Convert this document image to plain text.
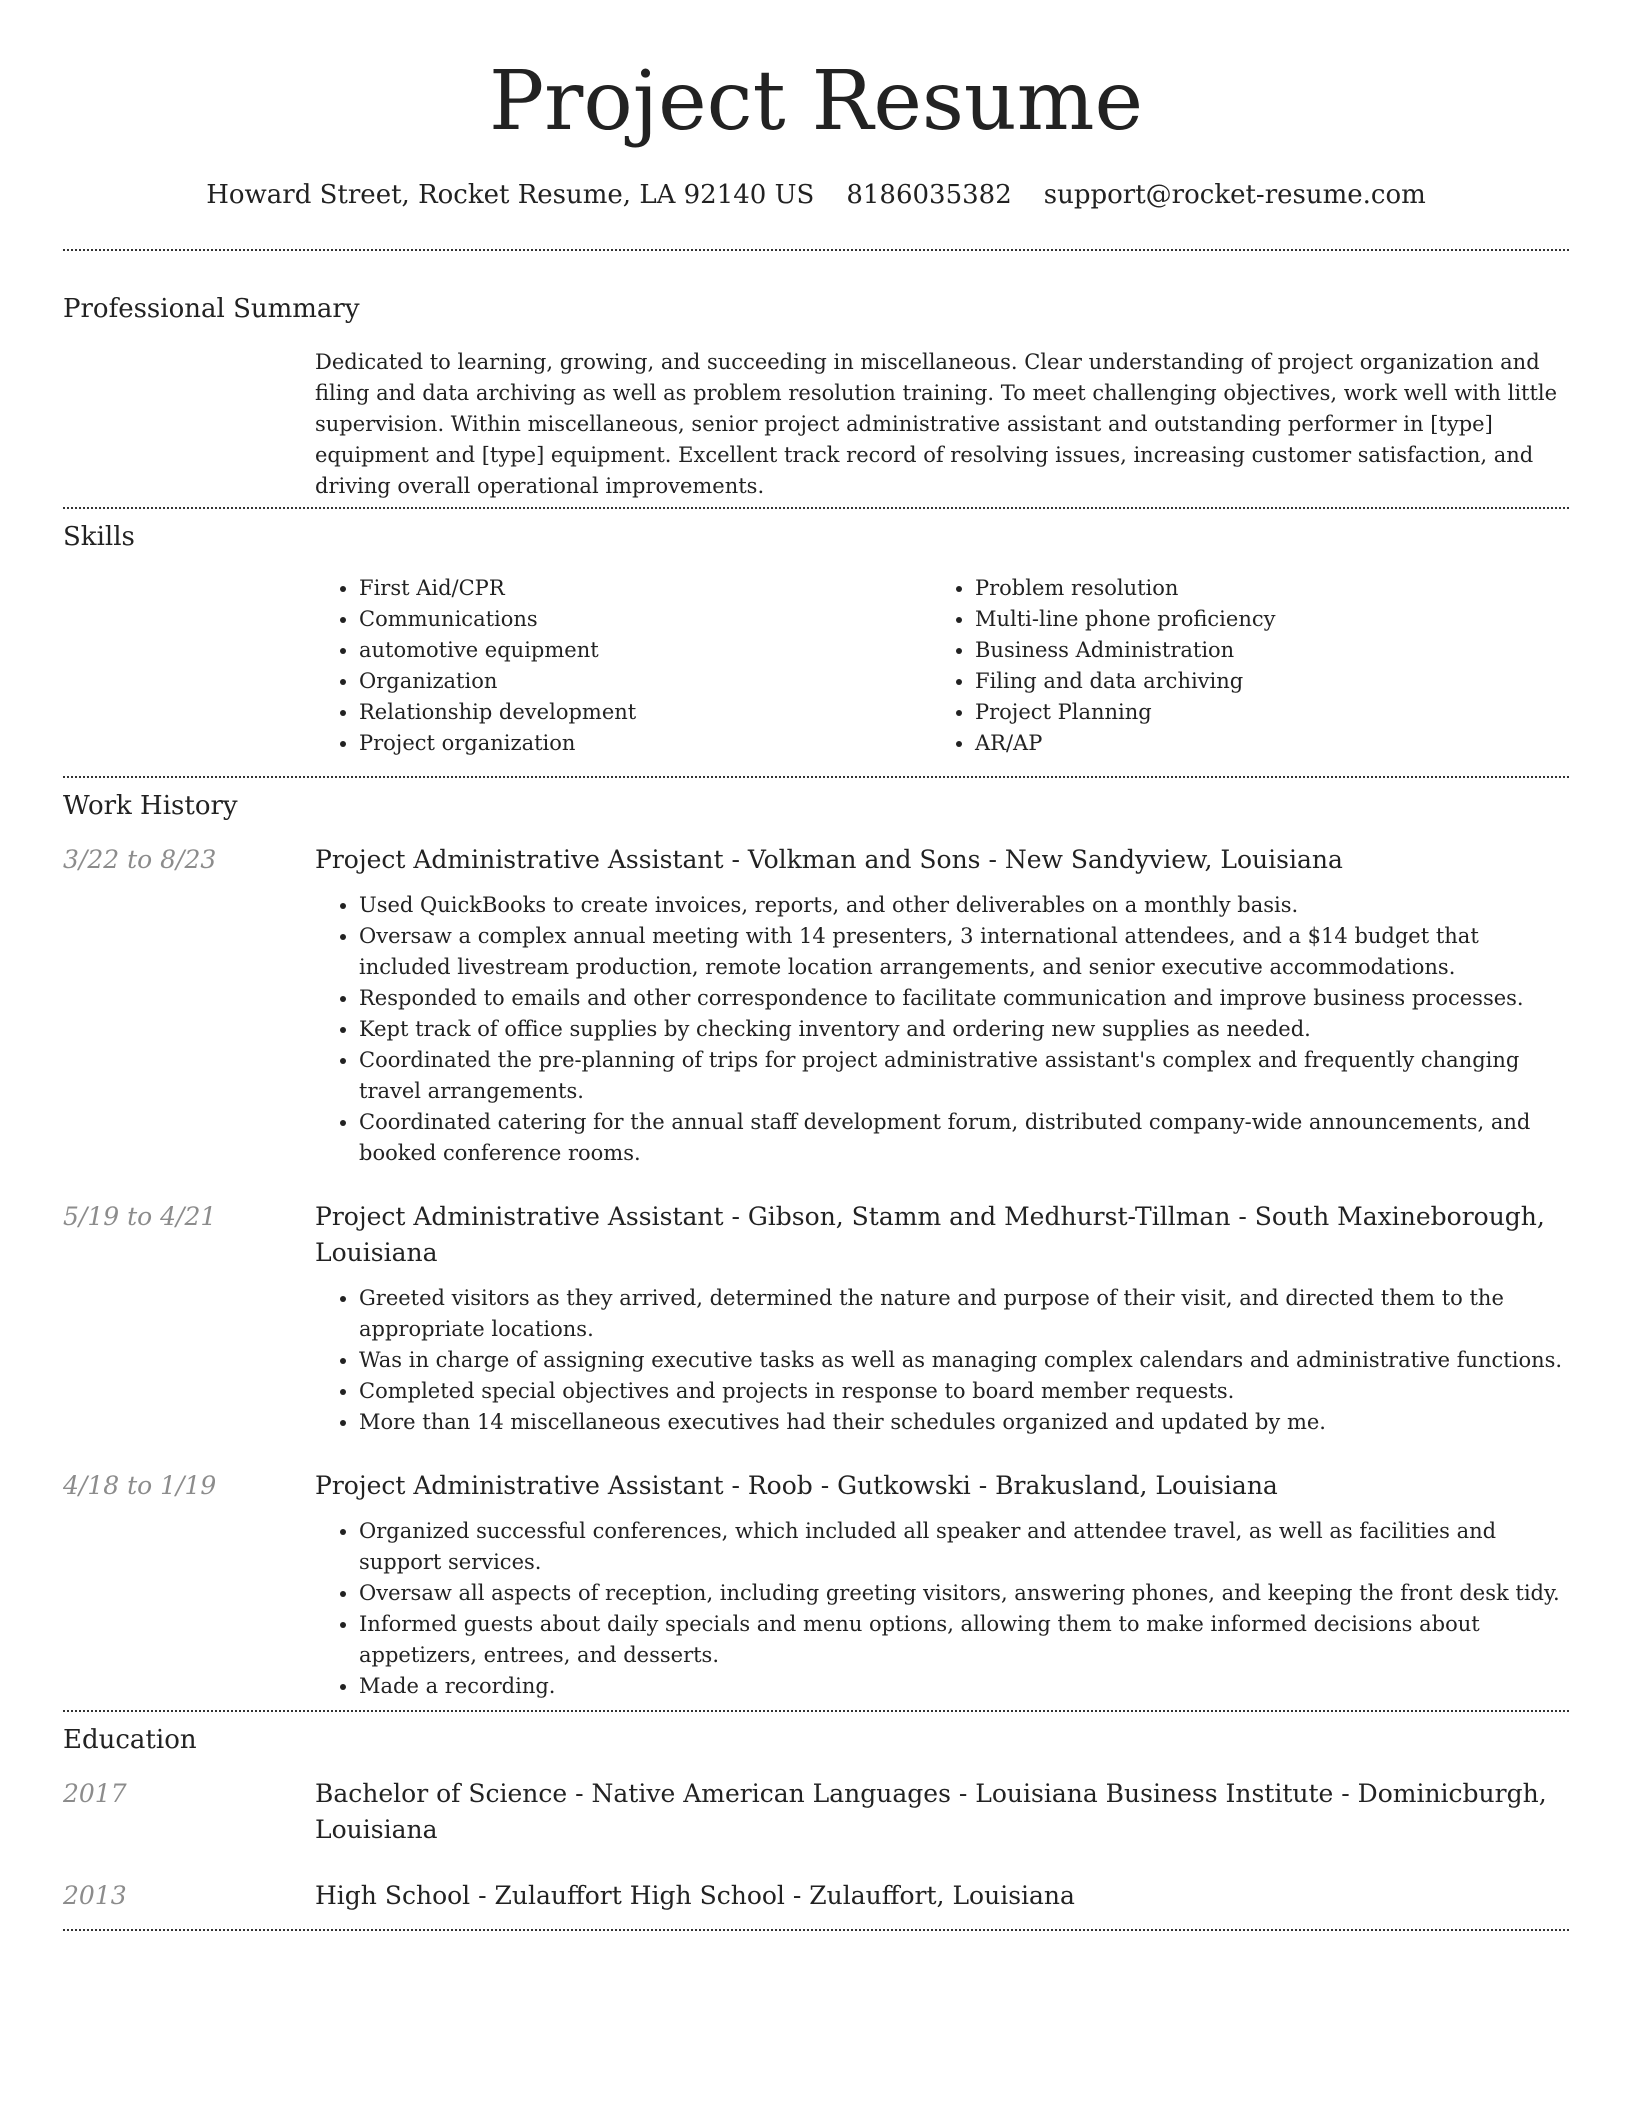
Project Resume
Howard Street, Rocket Resume, LA 92140 US 8186035382 support@rocket-resume.com
Professional Summary

Dedicated to learning, growing, and succeeding in miscellaneous. Clear understanding of project organization and filing and data archiving as well as problem resolution training. To meet challenging objectives, work well with little supervision. Within miscellaneous, senior project administrative assistant and outstanding performer in [type] equipment and [type] equipment. Excellent track record of resolving issues, increasing customer satisfaction, and driving overall operational improvements.

Skills
• First Aid/CPR
• Communications
• automotive equipment
• Organization
• Relationship development
• Project organization
• Problem resolution
• Multi-line phone proficiency
• Business Administration
• Filing and data archiving
• Project Planning
• AR/AP
Work History
3/22 to 8/23	Project Administrative Assistant - Volkman and Sons - New Sandyview, Louisiana
• Used QuickBooks to create invoices, reports, and other deliverables on a monthly basis.
• Oversaw a complex annual meeting with 14 presenters, 3 international attendees, and a $14 budget that included livestream production, remote location arrangements, and senior executive accommodations.
• Responded to emails and other correspondence to facilitate communication and improve business processes.
• Kept track of office supplies by checking inventory and ordering new supplies as needed.
• Coordinated the pre-planning of trips for project administrative assistant's complex and frequently changing travel arrangements.
• Coordinated catering for the annual staff development forum, distributed company-wide announcements, and booked conference rooms.
5/19 to 4/21	Project Administrative Assistant - Gibson, Stamm and Medhurst-Tillman - South Maxineborough, Louisiana
• Greeted visitors as they arrived, determined the nature and purpose of their visit, and directed them to the appropriate locations.
• Was in charge of assigning executive tasks as well as managing complex calendars and administrative functions.
• Completed special objectives and projects in response to board member requests.
• More than 14 miscellaneous executives had their schedules organized and updated by me.
4/18 to 1/19	Project Administrative Assistant - Roob - Gutkowski - Brakusland, Louisiana
• Organized successful conferences, which included all speaker and attendee travel, as well as facilities and support services.
• Oversaw all aspects of reception, including greeting visitors, answering phones, and keeping the front desk tidy.
• Informed guests about daily specials and menu options, allowing them to make informed decisions about appetizers, entrees, and desserts.
• Made a recording.
Education
2017	Bachelor of Science - Native American Languages - Louisiana Business Institute - Dominicburgh, Louisiana
2013	High School - Zulauffort High School - Zulauffort, Louisiana
